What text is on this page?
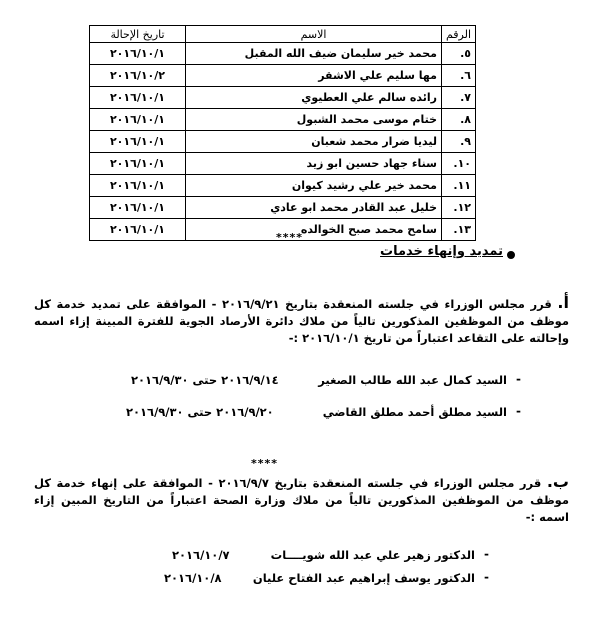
الرقم	الاسم	تاريخ الإحالة
٥.	محمد خير سليمان ضيف الله المقبل	٢٠١٦/١٠/١
٦.	مها سليم علي الاشقر	٢٠١٦/١٠/٢
٧.	رائده سالم علي العطيوي	٢٠١٦/١٠/١
٨.	ختام موسى محمد الشبول	٢٠١٦/١٠/١
٩.	ليديا ضرار محمد شعبان	٢٠١٦/١٠/١
١٠.	سناء جهاد حسين ابو زيد	٢٠١٦/١٠/١
١١.	محمد خير علي رشيد كيوان	٢٠١٦/١٠/١
١٢.	خليل عبد القادر محمد ابو عادي	٢٠١٦/١٠/١
١٣.	سامح محمد صبح الخوالده	٢٠١٦/١٠/١
****
تمديد وإنهاء خدمات
أ. قرر مجلس الوزراء في جلسته المنعقدة بتاريخ ٢٠١٦/٩/٢١ - الموافقة على تمديد خدمة كل موظف من الموظفين المذكورين تالياً من ملاك دائرة الأرصاد الجوية للفترة المبينة إزاء اسمه وإحالته على التقاعد اعتباراً من تاريخ ٢٠١٦/١٠/١ :-
-
السيد كمال عبد الله طالب الصغير
٢٠١٦/٩/١٤ حتى ٢٠١٦/٩/٣٠
-
السيد مطلق أحمد مطلق القاضي
٢٠١٦/٩/٢٠ حتى ٢٠١٦/٩/٣٠
****
ب. قرر مجلس الوزراء في جلسته المنعقدة بتاريخ ٢٠١٦/٩/٧ - الموافقة على إنهاء خدمة كل موظف من الموظفين المذكورين تالياً من ملاك وزارة الصحة اعتباراً من التاريخ المبين إزاء اسمه :-
-
الدكتور زهير علي عبد الله شويــــات
٢٠١٦/١٠/٧
-
الدكتور يوسف إبراهيم عبد الفتاح عليان
٢٠١٦/١٠/٨
